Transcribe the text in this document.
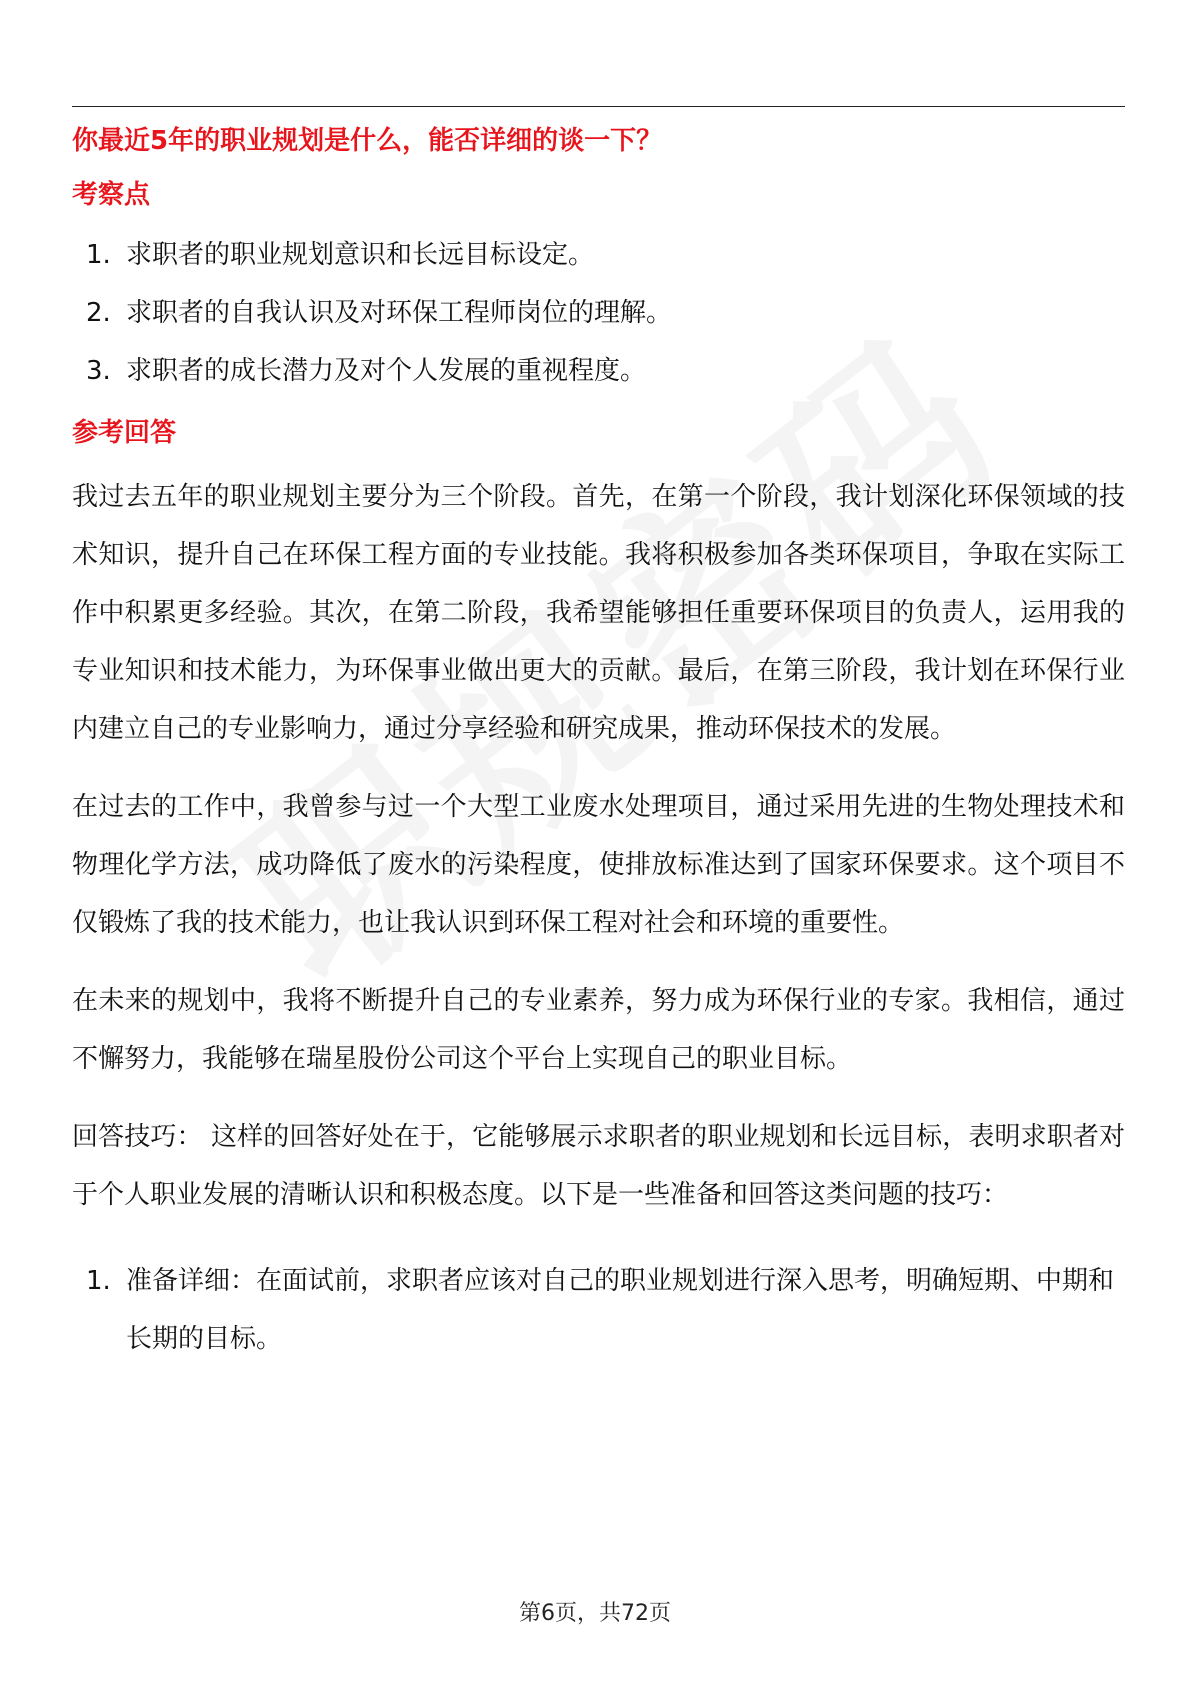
你最近5年的职业规划是什么，能否详细的谈一下？
考察点
1. 求职者的职业规划意识和长远目标设定。
2. 求职者的自我认识及对环保工程师岗位的理解。
3. 求职者的成长潜力及对个人发展的重视程度。
参考回答

我过去五年的职业规划主要分为三个阶段。首先，在第一个阶段，我计划深化环保领域的技术知识，提升自己在环保工程方面的专业技能。我将积极参加各类环保项目，争取在实际工作中积累更多经验。其次，在第二阶段，我希望能够担任重要环保项目的负责人，运用我的专业知识和技术能力，为环保事业做出更大的贡献。最后，在第三阶段，我计划在环保行业内建立自己的专业影响力，通过分享经验和研究成果，推动环保技术的发展。

在过去的工作中，我曾参与过一个大型工业废水处理项目，通过采用先进的生物处理技术和物理化学方法，成功降低了废水的污染程度，使排放标准达到了国家环保要求。这个项目不仅锻炼了我的技术能力，也让我认识到环保工程对社会和环境的重要性。

在未来的规划中，我将不断提升自己的专业素养，努力成为环保行业的专家。我相信，通过不懈努力，我能够在瑞星股份公司这个平台上实现自己的职业目标。

回答技巧： 这样的回答好处在于，它能够展示求职者的职业规划和长远目标，表明求职者对于个人职业发展的清晰认识和积极态度。以下是一些准备和回答这类问题的技巧：

1. 准备详细：在面试前，求职者应该对自己的职业规划进行深入思考，明确短期、中期和长期的目标。
第6页，共72页
